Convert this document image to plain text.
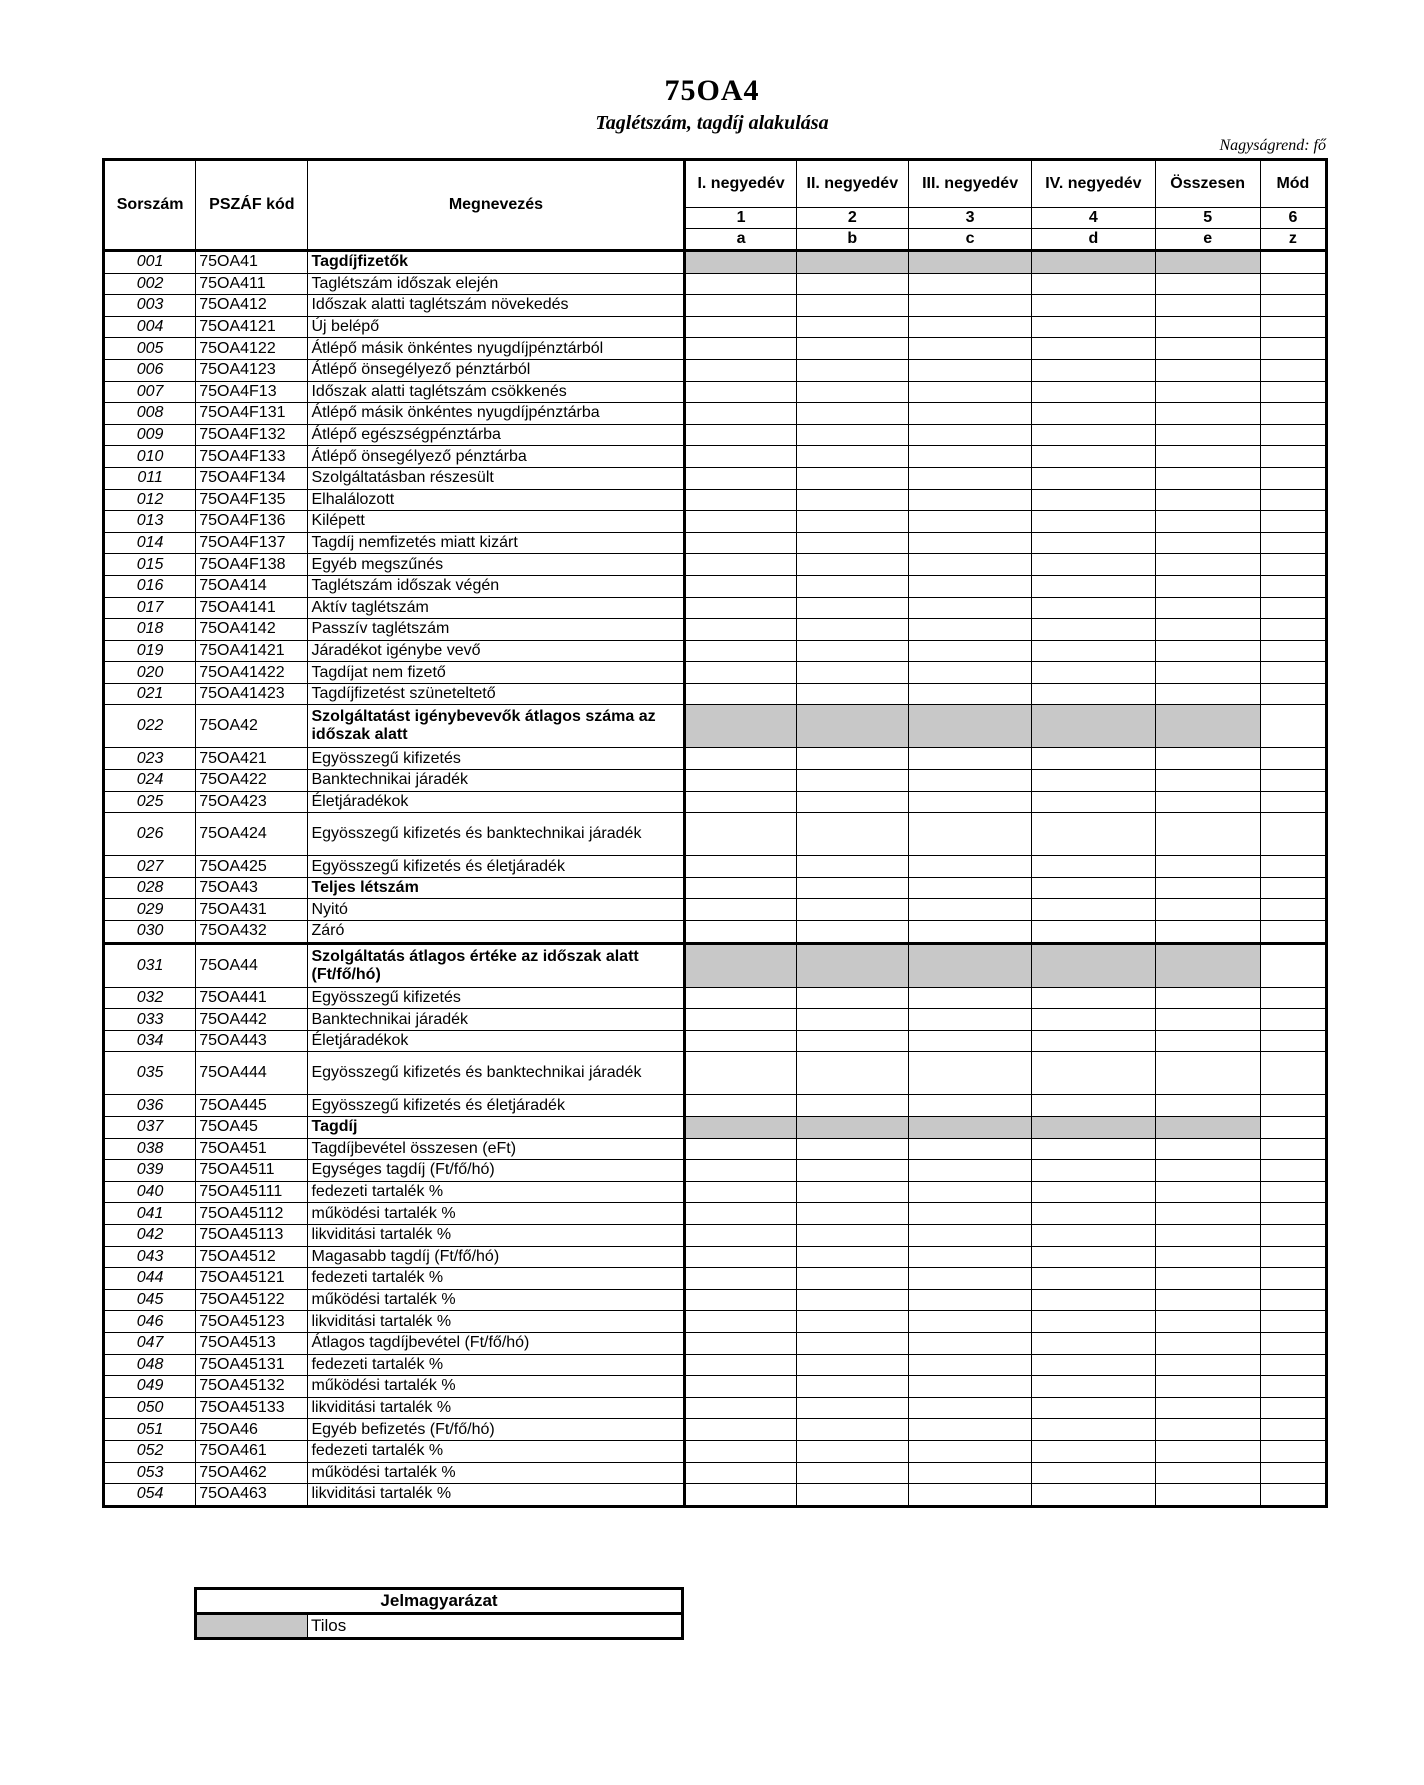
75OA4
Taglétszám, tagdíj alakulása
Nagyságrend: fő
Sorszám	PSZÁF kód	Megnevezés	I. negyedév	II. negyedév	III. negyedév	IV. negyedév	Összesen	Mód
			1	2	3	4	5	6
			a	b	c	d	e	z
001	75OA41	Tagdíjfizetők						
002	75OA411	Taglétszám időszak elején						
003	75OA412	Időszak alatti taglétszám növekedés						
004	75OA4121	Új belépő						
005	75OA4122	Átlépő másik önkéntes nyugdíjpénztárból						
006	75OA4123	Átlépő önsegélyező pénztárból						
007	75OA4F13	Időszak alatti taglétszám csökkenés						
008	75OA4F131	Átlépő másik önkéntes nyugdíjpénztárba						
009	75OA4F132	Átlépő egészségpénztárba						
010	75OA4F133	Átlépő önsegélyező pénztárba						
011	75OA4F134	Szolgáltatásban részesült						
012	75OA4F135	Elhalálozott						
013	75OA4F136	Kilépett						
014	75OA4F137	Tagdíj nemfizetés miatt kizárt						
015	75OA4F138	Egyéb megszűnés						
016	75OA414	Taglétszám időszak végén						
017	75OA4141	Aktív taglétszám						
018	75OA4142	Passzív taglétszám						
019	75OA41421	Járadékot igénybe vevő						
020	75OA41422	Tagdíjat nem fizető						
021	75OA41423	Tagdíjfizetést szüneteltető						
022	75OA42	Szolgáltatást igénybevevők átlagos száma az időszak alatt						
023	75OA421	Egyösszegű kifizetés						
024	75OA422	Banktechnikai járadék						
025	75OA423	Életjáradékok						
026	75OA424	Egyösszegű kifizetés és banktechnikai járadék						
027	75OA425	Egyösszegű kifizetés és életjáradék						
028	75OA43	Teljes létszám						
029	75OA431	Nyitó						
030	75OA432	Záró						
031	75OA44	Szolgáltatás átlagos értéke az időszak alatt (Ft/fő/hó)						
032	75OA441	Egyösszegű kifizetés						
033	75OA442	Banktechnikai járadék						
034	75OA443	Életjáradékok						
035	75OA444	Egyösszegű kifizetés és banktechnikai járadék						
036	75OA445	Egyösszegű kifizetés és életjáradék						
037	75OA45	Tagdíj						
038	75OA451	Tagdíjbevétel összesen (eFt)						
039	75OA4511	Egységes tagdíj (Ft/fő/hó)						
040	75OA45111	fedezeti tartalék %						
041	75OA45112	működési tartalék %						
042	75OA45113	likviditási tartalék %						
043	75OA4512	Magasabb tagdíj (Ft/fő/hó)						
044	75OA45121	fedezeti tartalék %						
045	75OA45122	működési tartalék %						
046	75OA45123	likviditási tartalék %						
047	75OA4513	Átlagos tagdíjbevétel (Ft/fő/hó)						
048	75OA45131	fedezeti tartalék %						
049	75OA45132	működési tartalék %						
050	75OA45133	likviditási tartalék %						
051	75OA46	Egyéb befizetés (Ft/fő/hó)						
052	75OA461	fedezeti tartalék %						
053	75OA462	működési tartalék %						
054	75OA463	likviditási tartalék %						
Jelmagyarázat
	Tilos
